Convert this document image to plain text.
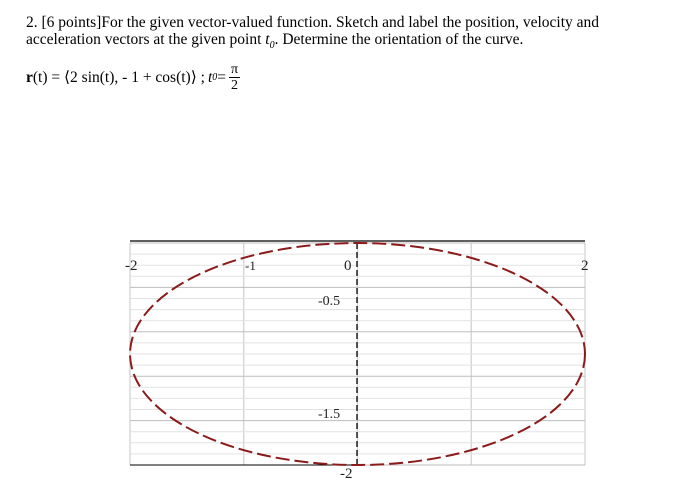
2. [6 points]For the given vector-valued function. Sketch and label the position, velocity and
acceleration vectors at the given point $t_0$. Determine the orientation of the curve.
r (t) = ⟨2 sin(t), - 1 + cos(t)⟩ ; t $0 = \frac{\pi}{2}$
-2	-1	0	2
-0.5
-1.5
-2
